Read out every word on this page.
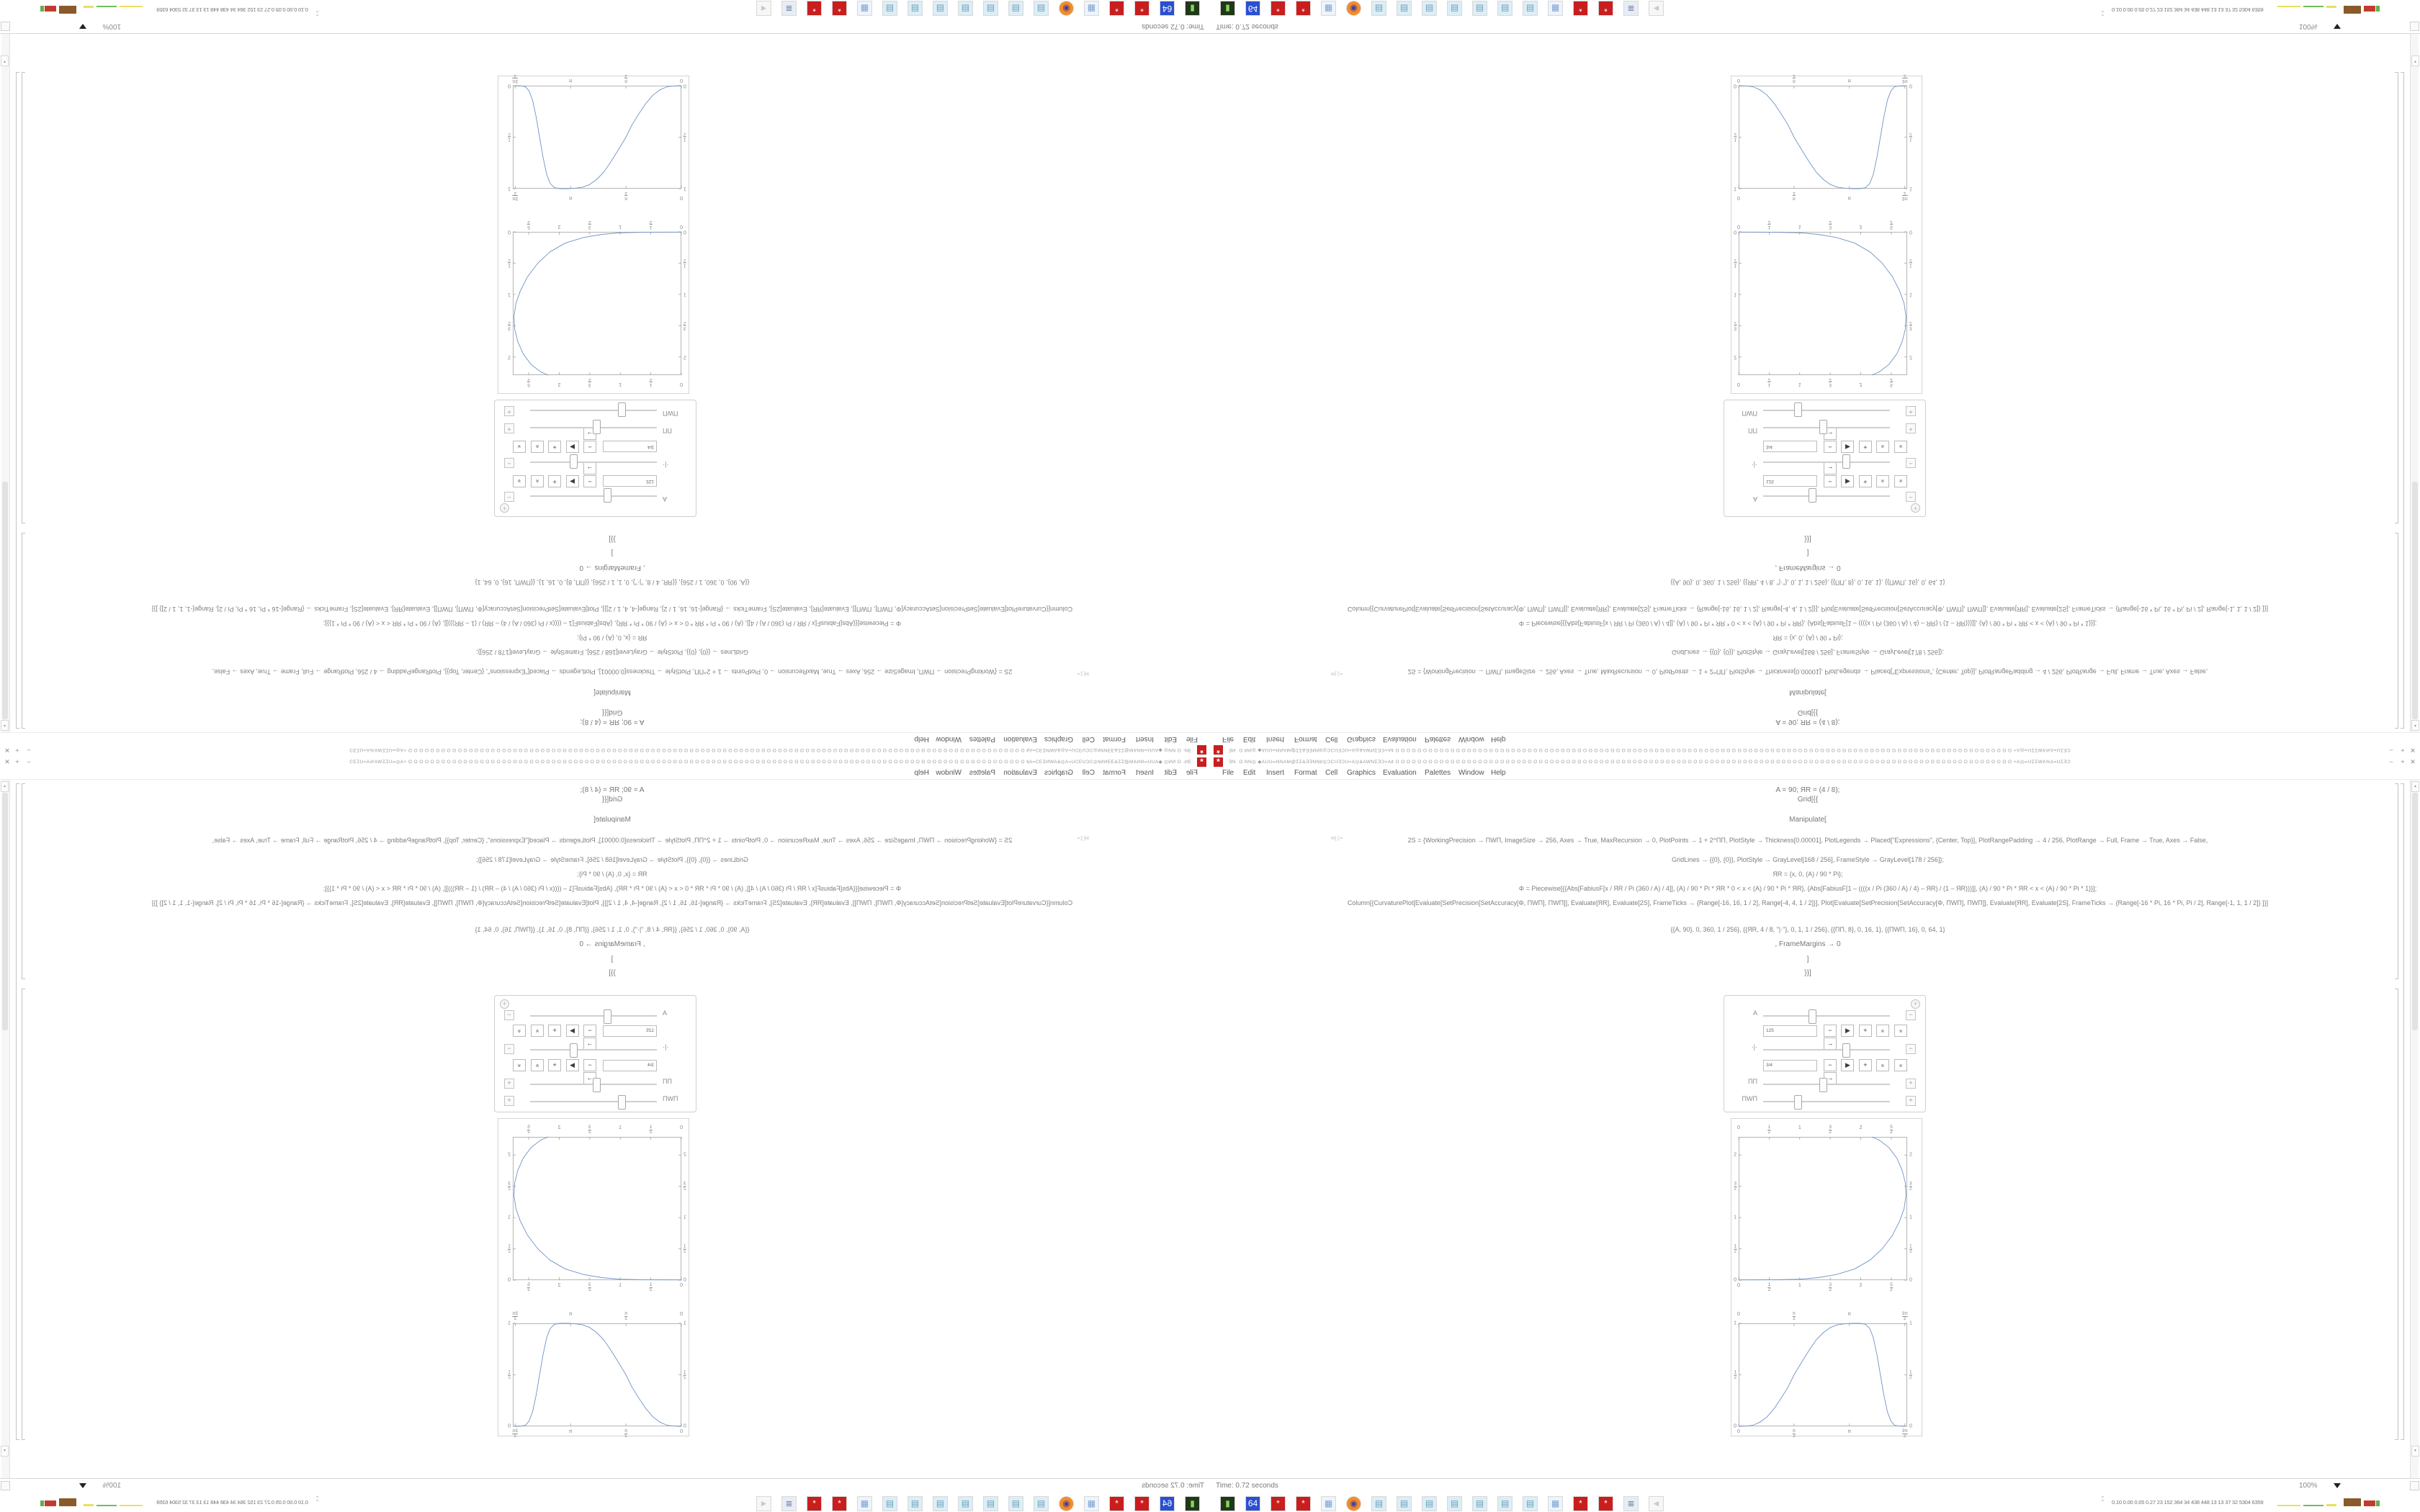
*	ƎN. O NN◎ ◆AUU∞NNAM@ΣΣ&ƎƎNN♯◎ƆCUƎƆU=A◎&AWNƩƎƆ=A♯ O O O O O O O O O O O O O O O O O O O O O O O O O O O O O O O O O O O O O O O O O O O O O O O O O O O O O O O O O O O O O O O O O O O O O O O O O O O O O O O O O O O O O O O O O O O O O O O O O O O O O O O O O O O O O O O O +A◎∞UƩƩWA%A=UƩƎƆ	−	+ ✕
File Edit Insert Format Cell Graphics Evaluation Palettes Window Help
In[ ]:=
A = 90; ЯR = (4 / 8);
Grid[{{
Manipulate[
2S = {WorkingPrecision → ΠWΠ, ImageSize → 256, Axes → True, MaxRecursion → 0, PlotPoints → 1 + 2^ΠΠ, PlotStyle → Thickness[0.00001], PlotLegends → Placed["Expressions", {Center, Top}], PlotRangePadding → 4 / 256, PlotRange → Full, Frame → True, Axes → False,
GridLines → {{0}, {0}}, PlotStyle → GrayLevel[168 / 256], FrameStyle → GrayLevel[178 / 256]};
ЯR = {x, 0, (A) / 90 * Pi};
Φ = Piecewise[{{Abs[FabiusF[x / ЯR / Pi (360 / A) / 4]], (A) / 90 * Pi * ЯR * 0 < x < (A) / 90 * Pi * ЯR}, {Abs[FabiusF[1 – ((((x / Pi (360 / A) / 4) – ЯR) / (1 – ЯR)))]], (A) / 90 * Pi * ЯR < x < (A) / 90 * Pi * 1}}];
Column[{CurvaturePlot[Evaluate[SetPrecision[SetAccuracy[Φ, ΠWΠ], ΠWΠ]], Evaluate[ЯR], Evaluate[2S], FrameTicks → {Range[-16, 16, 1 / 2], Range[-4, 4, 1 / 2]}], Plot[Evaluate[SetPrecision[SetAccuracy[Φ, ΠWΠ], ΠWΠ]], Evaluate[ЯR], Evaluate[2S], FrameTicks → {Range[-16 * Pi, 16 * Pi, Pi / 2], Range[-1, 1, 1 / 2]} ]}]
{{A, 90}, 0, 360, 1 / 256}, {{ЯR, 4 / 8, "|·"}, 0, 1, 1 / 256}, {{ΠΠ, 8}, 0, 16, 1}, {{ΠWΠ, 16}, 0, 64, 1}
, FrameMargins → 0
]
}}]
+
A	−
125	− ▶ + » » →
·|·	−
3/4	− ▶ + » » →
ΠΠ	+
ΠWΠ	+
0
0
$\frac{1}{2}$
$\frac{1}{2}$
1
1
$\frac{3}{2}$
$\frac{3}{2}$
2
2
$\frac{5}{2}$
$\frac{5}{2}$
0	0
$\frac{1}{2}$	$\frac{1}{2}$
1	1
$\frac{3}{2}$	$\frac{3}{2}$
2	2
0
0
$\frac{\pi}{2}$
$\frac{\pi}{2}$
π
π
$\frac{3\pi}{2}$
$\frac{3\pi}{2}$
0	0
$\frac{1}{2}$	$\frac{1}{2}$
1	1
▲
▼
Time: 0.72 seconds	100%
▮ 64 *	* ▦ ◉ ▤ ▤ ▤ ▤ ▤ ▤ ▤ ▦ *	* ≣ ◄	^
^ 0.10 0.00 0.05 0.27 23 152 364 34 438 448 13 13 37 32 5304 6359
*
ƎN. O NN◎ ◆AUU∞NNAM@ΣΣ&ƎƎNN♯◎ƆCUƎƆU=A◎&AWNƩƎƆ=A♯ O O O O O O O O O O O O O O O O O O O O O O O O O O O O O O O O O O O O O O O O O O O O O O O O O O O O O O O O O O O O O O O O O O O O O O O O O O O O O O O O O O O O O O O O O O O O O O O O O O O O O O O O O O O O O O O O +A◎∞UƩƩWA%A=UƩƎƆ
−
+
✕
File
Edit
Insert
Format
Cell
Graphics
Evaluation
Palettes
Window
Help
In[ ]:=
A = 90; ЯR = (4 / 8);
Grid[{{
Manipulate[
2S = {WorkingPrecision → ΠWΠ, ImageSize → 256, Axes → True, MaxRecursion → 0, PlotPoints → 1 + 2^ΠΠ, PlotStyle → Thickness[0.00001], PlotLegends → Placed["Expressions", {Center, Top}], PlotRangePadding → 4 / 256, PlotRange → Full, Frame → True, Axes → False,
GridLines → {{0}, {0}}, PlotStyle → GrayLevel[168 / 256], FrameStyle → GrayLevel[178 / 256]};
ЯR = {x, 0, (A) / 90 * Pi};
Φ = Piecewise[{{Abs[FabiusF[x / ЯR / Pi (360 / A) / 4]], (A) / 90 * Pi * ЯR * 0 < x < (A) / 90 * Pi * ЯR}, {Abs[FabiusF[1 – ((((x / Pi (360 / A) / 4) – ЯR) / (1 – ЯR)))]], (A) / 90 * Pi * ЯR < x < (A) / 90 * Pi * 1}}];
Column[{CurvaturePlot[Evaluate[SetPrecision[SetAccuracy[Φ, ΠWΠ], ΠWΠ]], Evaluate[ЯR], Evaluate[2S], FrameTicks → {Range[-16, 16, 1 / 2], Range[-4, 4, 1 / 2]}], Plot[Evaluate[SetPrecision[SetAccuracy[Φ, ΠWΠ], ΠWΠ]], Evaluate[ЯR], Evaluate[2S], FrameTicks → {Range[-16 * Pi, 16 * Pi, Pi / 2], Range[-1, 1, 1 / 2]} ]}]
{{A, 90}, 0, 360, 1 / 256}, {{ЯR, 4 / 8, "|·"}, 0, 1, 1 / 256}, {{ΠΠ, 8}, 0, 16, 1}, {{ΠWΠ, 16}, 0, 64, 1}
, FrameMargins → 0
]
}}]
+
A
−
125
− ▶ + » » →	·|·
−
3/4
− ▶ + » » →	ΠΠ
+
ΠWΠ
+
0
0
$\frac{1}{2}$
$\frac{1}{2}$
1
1
$\frac{3}{2}$
$\frac{3}{2}$
2
2
$\frac{5}{2}$
$\frac{5}{2}$
0
0
$\frac{1}{2}$
$\frac{1}{2}$
1
1
$\frac{3}{2}$
$\frac{3}{2}$
2
2
0
0
$\frac{\pi}{2}$
$\frac{\pi}{2}$
π
π
$\frac{3\pi}{2}$
$\frac{3\pi}{2}$
0
0
$\frac{1}{2}$
$\frac{1}{2}$
1
1
▲
▼
Time: 0.72 seconds
100%
▮64**▦◉▤▤▤▤▤▤▤▦**≣◄
^
^
0.10 0.00 0.05 0.27 23 152 364 34 438 448 13 13 37 32 5304 6359
*	ƎN. O NN◎ ◆AUU∞NNAM@ΣΣ&ƎƎNN♯◎ƆCUƎƆU=A◎&AWNƩƎƆ=A♯ O O O O O O O O O O O O O O O O O O O O O O O O O O O O O O O O O O O O O O O O O O O O O O O O O O O O O O O O O O O O O O O O O O O O O O O O O O O O O O O O O O O O O O O O O O O O O O O O O O O O O O O O O O O O O O O O +A◎∞UƩƩWA%A=UƩƎƆ	−	+ ✕
File Edit Insert Format Cell Graphics Evaluation Palettes Window Help
In[ ]:=
A = 90; ЯR = (4 / 8);
Grid[{{
Manipulate[
2S = {WorkingPrecision → ΠWΠ, ImageSize → 256, Axes → True, MaxRecursion → 0, PlotPoints → 1 + 2^ΠΠ, PlotStyle → Thickness[0.00001], PlotLegends → Placed["Expressions", {Center, Top}], PlotRangePadding → 4 / 256, PlotRange → Full, Frame → True, Axes → False,
GridLines → {{0}, {0}}, PlotStyle → GrayLevel[168 / 256], FrameStyle → GrayLevel[178 / 256]};
ЯR = {x, 0, (A) / 90 * Pi};
Φ = Piecewise[{{Abs[FabiusF[x / ЯR / Pi (360 / A) / 4]], (A) / 90 * Pi * ЯR * 0 < x < (A) / 90 * Pi * ЯR}, {Abs[FabiusF[1 – ((((x / Pi (360 / A) / 4) – ЯR) / (1 – ЯR)))]], (A) / 90 * Pi * ЯR < x < (A) / 90 * Pi * 1}}];
Column[{CurvaturePlot[Evaluate[SetPrecision[SetAccuracy[Φ, ΠWΠ], ΠWΠ]], Evaluate[ЯR], Evaluate[2S], FrameTicks → {Range[-16, 16, 1 / 2], Range[-4, 4, 1 / 2]}], Plot[Evaluate[SetPrecision[SetAccuracy[Φ, ΠWΠ], ΠWΠ]], Evaluate[ЯR], Evaluate[2S], FrameTicks → {Range[-16 * Pi, 16 * Pi, Pi / 2], Range[-1, 1, 1 / 2]} ]}]
{{A, 90}, 0, 360, 1 / 256}, {{ЯR, 4 / 8, "|·"}, 0, 1, 1 / 256}, {{ΠΠ, 8}, 0, 16, 1}, {{ΠWΠ, 16}, 0, 64, 1}
, FrameMargins → 0
]
}}]
+
A	−
125	− ▶ + » » →
·|·	−
3/4	− ▶ + » » →
ΠΠ	+
ΠWΠ	+
0
0
1
2
1
2
1
1
3
2
3
2
2
2
5
2
5
2
0	0
1
2
1
2
1	1
3
2
3
2
2	2
0
0
π
2
π
2
π
π
3π
2
3π
2
0	0
1
2
1
2
1	1
▲
▼
Time: 0.72 seconds	100%
▮ 64 *	* ▦ ◉ ▤ ▤ ▤ ▤ ▤ ▤ ▤ ▦ *	* ≣ ◄	^
^ 0.10 0.00 0.05 0.27 23 152 364 34 438 448 13 13 37 32 5304 6359
*
ƎN. O NN◎ ◆AUU∞NNAM@ΣΣ&ƎƎNN♯◎ƆCUƎƆU=A◎&AWNƩƎƆ=A♯ O O O O O O O O O O O O O O O O O O O O O O O O O O O O O O O O O O O O O O O O O O O O O O O O O O O O O O O O O O O O O O O O O O O O O O O O O O O O O O O O O O O O O O O O O O O O O O O O O O O O O O O O O O O O O O O O +A◎∞UƩƩWA%A=UƩƎƆ
−
+
✕
File
Edit
Insert
Format
Cell
Graphics
Evaluation
Palettes
Window
Help
In[ ]:=
A = 90; ЯR = (4 / 8);
Grid[{{
Manipulate[
2S = {WorkingPrecision → ΠWΠ, ImageSize → 256, Axes → True, MaxRecursion → 0, PlotPoints → 1 + 2^ΠΠ, PlotStyle → Thickness[0.00001], PlotLegends → Placed["Expressions", {Center, Top}], PlotRangePadding → 4 / 256, PlotRange → Full, Frame → True, Axes → False,
GridLines → {{0}, {0}}, PlotStyle → GrayLevel[168 / 256], FrameStyle → GrayLevel[178 / 256]};
ЯR = {x, 0, (A) / 90 * Pi};
Φ = Piecewise[{{Abs[FabiusF[x / ЯR / Pi (360 / A) / 4]], (A) / 90 * Pi * ЯR * 0 < x < (A) / 90 * Pi * ЯR}, {Abs[FabiusF[1 – ((((x / Pi (360 / A) / 4) – ЯR) / (1 – ЯR)))]], (A) / 90 * Pi * ЯR < x < (A) / 90 * Pi * 1}}];
Column[{CurvaturePlot[Evaluate[SetPrecision[SetAccuracy[Φ, ΠWΠ], ΠWΠ]], Evaluate[ЯR], Evaluate[2S], FrameTicks → {Range[-16, 16, 1 / 2], Range[-4, 4, 1 / 2]}], Plot[Evaluate[SetPrecision[SetAccuracy[Φ, ΠWΠ], ΠWΠ]], Evaluate[ЯR], Evaluate[2S], FrameTicks → {Range[-16 * Pi, 16 * Pi, Pi / 2], Range[-1, 1, 1 / 2]} ]}]
{{A, 90}, 0, 360, 1 / 256}, {{ЯR, 4 / 8, "|·"}, 0, 1, 1 / 256}, {{ΠΠ, 8}, 0, 16, 1}, {{ΠWΠ, 16}, 0, 64, 1}
, FrameMargins → 0
]
}}]
+
A
−
125
− ▶ + » » →	·|·
−
3/4
− ▶ + » » →	ΠΠ
+
ΠWΠ
+
0
0
1
2
1
2
1
1
3
2
3
2
2
2
5
2
5
2
0
0
1
2
1
2
1
1
3
2
3
2
2
2
0
0
π
2
π
2
π
π
3π
2
3π
2
0
0
1
2
1
2
1
1
▲
▼
Time: 0.72 seconds
100%
▮64**▦◉▤▤▤▤▤▤▤▦**≣◄
^
^
0.10 0.00 0.05 0.27 23 152 364 34 438 448 13 13 37 32 5304 6359
